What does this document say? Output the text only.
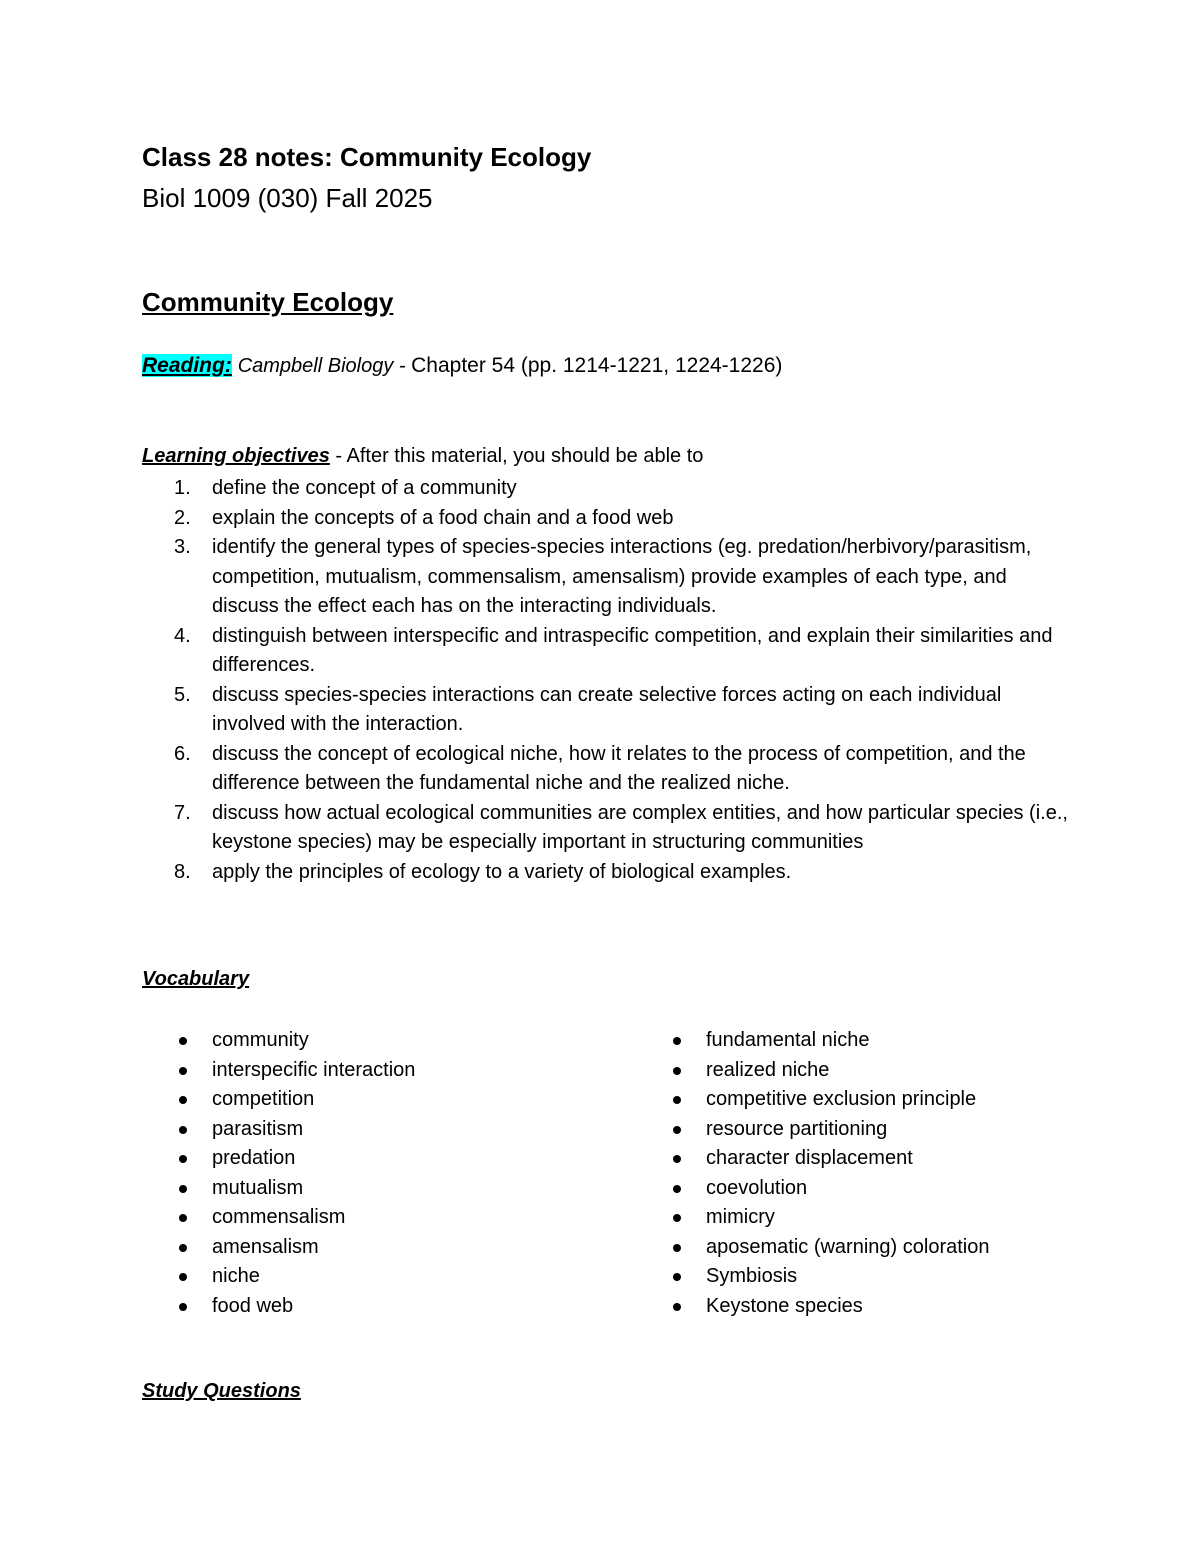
Class 28 notes: Community Ecology
Biol 1009 (030) Fall 2025
Community Ecology
Reading: Campbell Biology - Chapter 54 (pp. 1214-1221, 1224-1226)
Learning objectives - After this material, you should be able to
1. define the concept of a community
2. explain the concepts of a food chain and a food web
3. identify the general types of species-species interactions (eg. predation/herbivory/parasitism, competition, mutualism, commensalism, amensalism) provide examples of each type, and discuss the effect each has on the interacting individuals.
4. distinguish between interspecific and intraspecific competition, and explain their similarities and differences.
5. discuss species-species interactions can create selective forces acting on each individual involved with the interaction.
6. discuss the concept of ecological niche, how it relates to the process of competition, and the difference between the fundamental niche and the realized niche.
7. discuss how actual ecological communities are complex entities, and how particular species (i.e., keystone species) may be especially important in structuring communities
8. apply the principles of ecology to a variety of biological examples.
Vocabulary
community
interspecific interaction
competition
parasitism
predation
mutualism
commensalism
amensalism
niche
food web
fundamental niche
realized niche
competitive exclusion principle
resource partitioning
character displacement
coevolution
mimicry
aposematic (warning) coloration
Symbiosis
Keystone species
Study Questions
